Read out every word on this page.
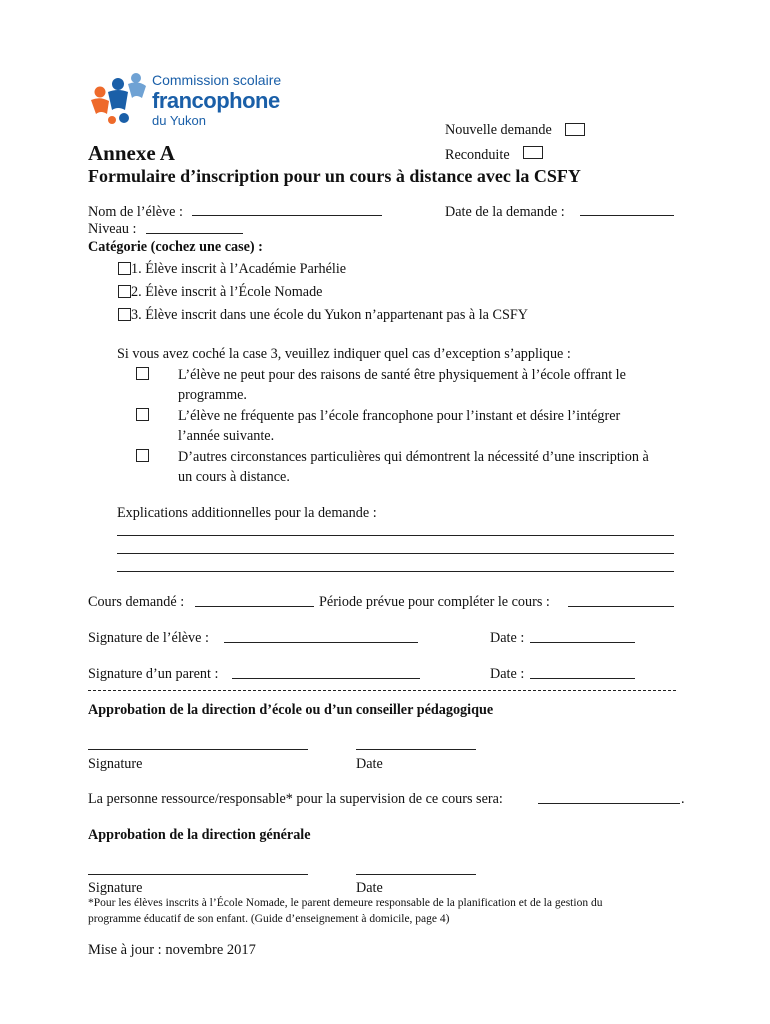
Commission scolaire
francophone
du Yukon
Nouvelle demande
Reconduite
Annexe A
Formulaire d’inscription pour un cours à distance avec la CSFY
Nom de l’élève :	Date de la demande :
Niveau :
Catégorie (cochez une case) :
1. Élève inscrit à l’Académie Parhélie
2. Élève inscrit à l’École Nomade
3. Élève inscrit dans une école du Yukon n’appartenant pas à la CSFY
Si vous avez coché la case 3, veuillez indiquer quel cas d’exception s’applique :
L’élève ne peut pour des raisons de santé être physiquement à l’école offrant le
programme.
L’élève ne fréquente pas l’école francophone pour l’instant et désire l’intégrer
l’année suivante.
D’autres circonstances particulières qui démontrent la nécessité d’une inscription à
un cours à distance.
Explications additionnelles pour la demande :
Cours demandé :	Période prévue pour compléter le cours :
Signature de l’élève :	Date :
Signature d’un parent :	Date :
Approbation de la direction d’école ou d’un conseiller pédagogique
Signature	Date
La personne ressource/responsable* pour la supervision de ce cours sera:	.
Approbation de la direction générale
Signature	Date
*Pour les élèves inscrits à l’École Nomade, le parent demeure responsable de la planification et de la gestion du
programme éducatif de son enfant. (Guide d’enseignement à domicile, page 4)
Mise à jour : novembre 2017
